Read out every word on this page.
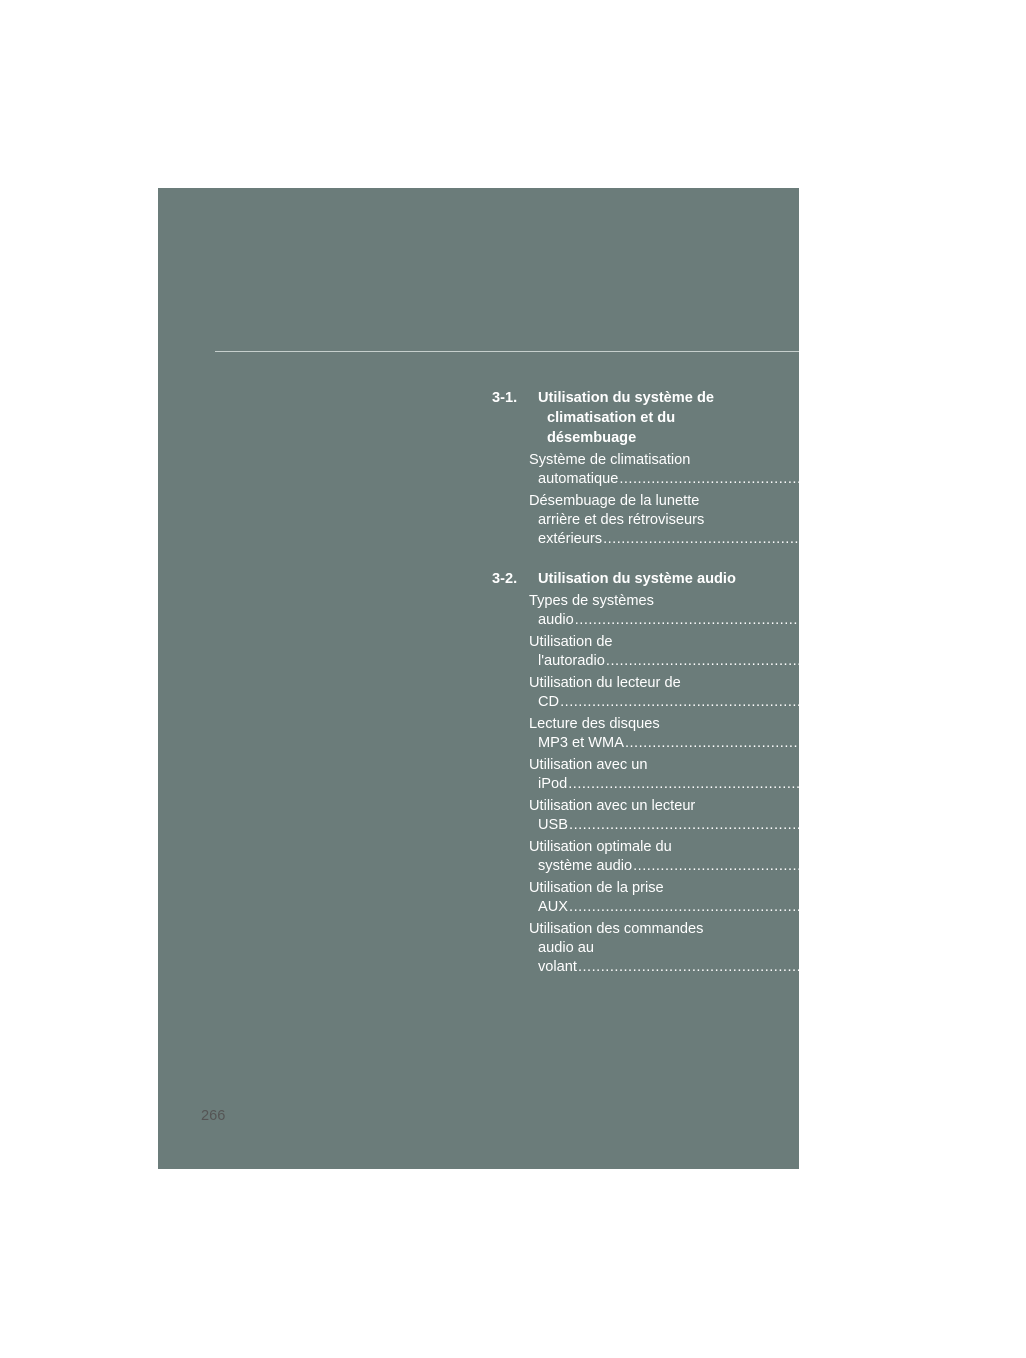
3-1. Utilisation du système de climatisation et du désembuage
Système de climatisation
automatique ................................................................................ 268
Désembuage de la lunette arrière et des rétroviseurs
extérieurs ................................................................................ 277
3-2. Utilisation du système audio
Types de systèmes
audio ................................................................................ 278
Utilisation de
l'autoradio ................................................................................ 285
Utilisation du lecteur de
CD ................................................................................ 288
Lecture des disques
MP3 et WMA ................................................................................ 294
Utilisation avec un
iPod ................................................................................ 302
Utilisation avec un lecteur
USB ................................................................................ 310
Utilisation optimale du
système audio ................................................................................ 318
Utilisation de la prise
AUX ................................................................................ 321
Utilisation des commandes audio au
volant ................................................................................ 322
266
carmanualsonline.info
